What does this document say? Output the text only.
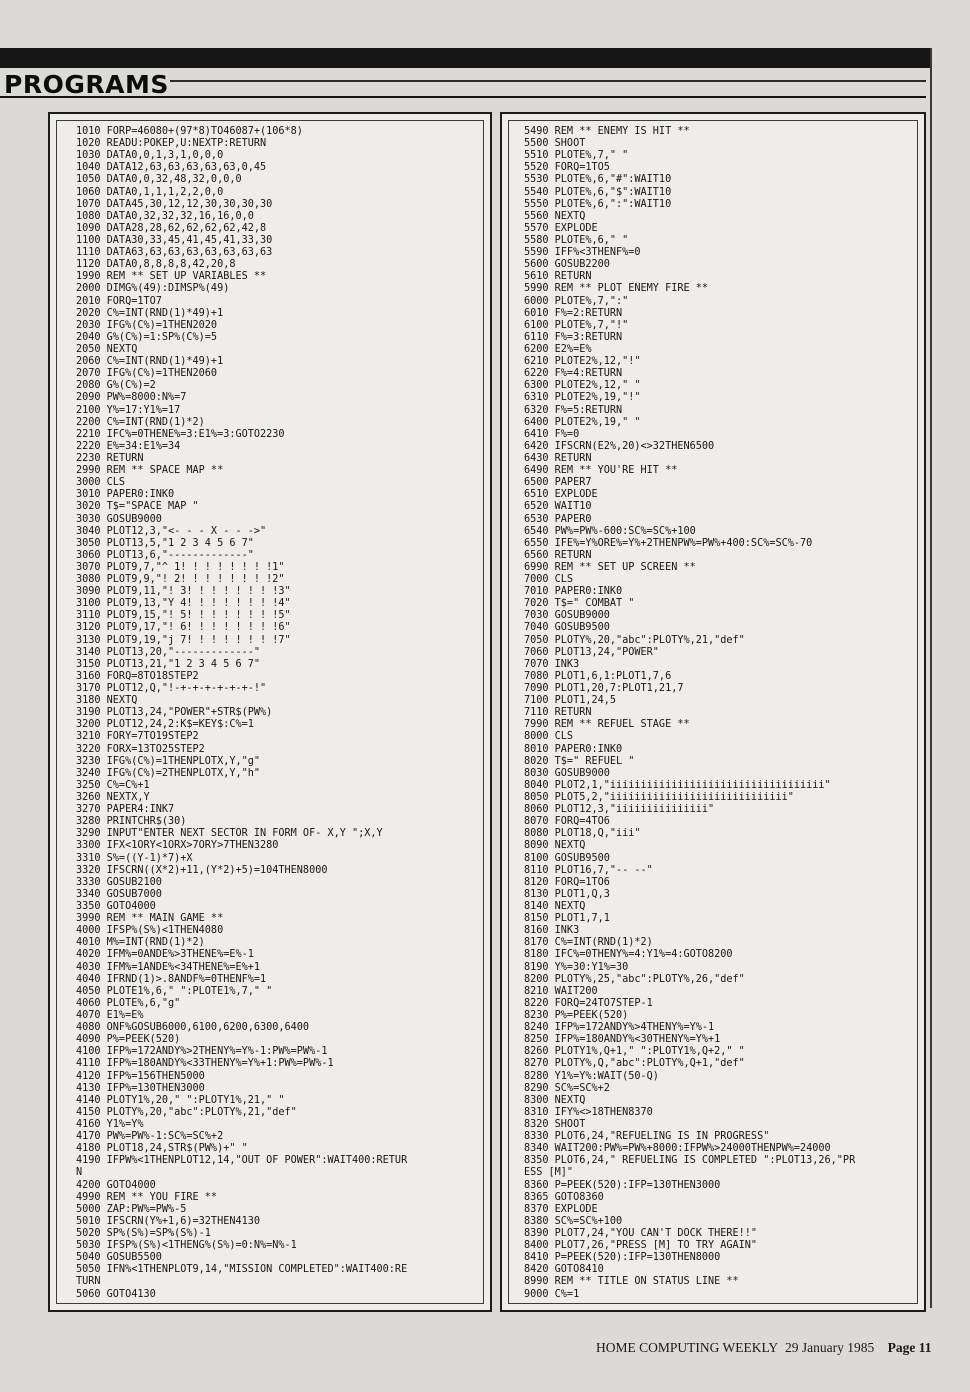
PROGRAMS
1010 FORP=46080+(97*8)TO46087+(106*8)
1020 READU:POKEP,U:NEXTP:RETURN
1030 DATA0,0,1,3,1,0,0,0
1040 DATA12,63,63,63,63,63,0,45
1050 DATA0,0,32,48,32,0,0,0
1060 DATA0,1,1,1,2,2,0,0
1070 DATA45,30,12,12,30,30,30,30
1080 DATA0,32,32,32,16,16,0,0
1090 DATA28,28,62,62,62,62,42,8
1100 DATA30,33,45,41,45,41,33,30
1110 DATA63,63,63,63,63,63,63,63
1120 DATA0,8,8,8,8,42,20,8
1990 REM ** SET UP VARIABLES **
2000 DIMG%(49):DIMSP%(49)
2010 FORQ=1TO7
2020 C%=INT(RND(1)*49)+1
2030 IFG%(C%)=1THEN2020
2040 G%(C%)=1:SP%(C%)=5
2050 NEXTQ
2060 C%=INT(RND(1)*49)+1
2070 IFG%(C%)=1THEN2060
2080 G%(C%)=2
2090 PW%=8000:N%=7
2100 Y%=17:Y1%=17
2200 C%=INT(RND(1)*2)
2210 IFC%=0THENE%=3:E1%=3:GOTO2230
2220 E%=34:E1%=34
2230 RETURN
2990 REM ** SPACE MAP **
3000 CLS
3010 PAPER0:INK0
3020 T$="SPACE MAP "
3030 GOSUB9000
3040 PLOT12,3,"<- - - X - - ->"
3050 PLOT13,5,"1 2 3 4 5 6 7"
3060 PLOT13,6,"-------------"
3070 PLOT9,7,"^ 1! ! ! ! ! ! ! !1"
3080 PLOT9,9,"! 2! ! ! ! ! ! ! !2"
3090 PLOT9,11,"! 3! ! ! ! ! ! ! !3"
3100 PLOT9,13,"Y 4! ! ! ! ! ! ! !4"
3110 PLOT9,15,"! 5! ! ! ! ! ! ! !5"
3120 PLOT9,17,"! 6! ! ! ! ! ! ! !6"
3130 PLOT9,19,"j 7! ! ! ! ! ! ! !7"
3140 PLOT13,20,"-------------"
3150 PLOT13,21,"1 2 3 4 5 6 7"
3160 FORQ=8TO18STEP2
3170 PLOT12,Q,"!-+-+-+-+-+-+-!"
3180 NEXTQ
3190 PLOT13,24,"POWER"+STR$(PW%)
3200 PLOT12,24,2:K$=KEY$:C%=1
3210 FORY=7TO19STEP2
3220 FORX=13TO25STEP2
3230 IFG%(C%)=1THENPLOTX,Y,"g"
3240 IFG%(C%)=2THENPLOTX,Y,"h"
3250 C%=C%+1
3260 NEXTX,Y
3270 PAPER4:INK7
3280 PRINTCHR$(30)
3290 INPUT"ENTER NEXT SECTOR IN FORM OF- X,Y ";X,Y
3300 IFX<1ORY<1ORX>7ORY>7THEN3280
3310 S%=((Y-1)*7)+X
3320 IFSCRN((X*2)+11,(Y*2)+5)=104THEN8000
3330 GOSUB2100
3340 GOSUB7000
3350 GOTO4000
3990 REM ** MAIN GAME **
4000 IFSP%(S%)<1THEN4080
4010 M%=INT(RND(1)*2)
4020 IFM%=0ANDE%>3THENE%=E%-1
4030 IFM%=1ANDE%<34THENE%=E%+1
4040 IFRND(1)>.8ANDF%=0THENF%=1
4050 PLOTE1%,6," ":PLOTE1%,7," "
4060 PLOTE%,6,"g"
4070 E1%=E%
4080 ONF%GOSUB6000,6100,6200,6300,6400
4090 P%=PEEK(520)
4100 IFP%=172ANDY%>2THENY%=Y%-1:PW%=PW%-1
4110 IFP%=180ANDY%<33THENY%=Y%+1:PW%=PW%-1
4120 IFP%=156THEN5000
4130 IFP%=130THEN3000
4140 PLOTY1%,20," ":PLOTY1%,21," "
4150 PLOTY%,20,"abc":PLOTY%,21,"def"
4160 Y1%=Y%
4170 PW%=PW%-1:SC%=SC%+2
4180 PLOT18,24,STR$(PW%)+" "
4190 IFPW%<1THENPLOT12,14,"OUT OF POWER":WAIT400:RETUR
N
4200 GOTO4000
4990 REM ** YOU FIRE **
5000 ZAP:PW%=PW%-5
5010 IFSCRN(Y%+1,6)=32THEN4130
5020 SP%(S%)=SP%(S%)-1
5030 IFSP%(S%)<1THENG%(S%)=0:N%=N%-1
5040 GOSUB5500
5050 IFN%<1THENPLOT9,14,"MISSION COMPLETED":WAIT400:RE
TURN
5060 GOTO4130
5490 REM ** ENEMY IS HIT **
5500 SHOOT
5510 PLOTE%,7," "
5520 FORQ=1TO5
5530 PLOTE%,6,"#":WAIT10
5540 PLOTE%,6,"$":WAIT10
5550 PLOTE%,6,":":WAIT10
5560 NEXTQ
5570 EXPLODE
5580 PLOTE%,6," "
5590 IFF%<3THENF%=0
5600 GOSUB2200
5610 RETURN
5990 REM ** PLOT ENEMY FIRE **
6000 PLOTE%,7,":"
6010 F%=2:RETURN
6100 PLOTE%,7,"!"
6110 F%=3:RETURN
6200 E2%=E%
6210 PLOTE2%,12,"!"
6220 F%=4:RETURN
6300 PLOTE2%,12," "
6310 PLOTE2%,19,"!"
6320 F%=5:RETURN
6400 PLOTE2%,19," "
6410 F%=0
6420 IFSCRN(E2%,20)<>32THEN6500
6430 RETURN
6490 REM ** YOU'RE HIT **
6500 PAPER7
6510 EXPLODE
6520 WAIT10
6530 PAPER0
6540 PW%=PW%-600:SC%=SC%+100
6550 IFE%=Y%ORE%=Y%+2THENPW%=PW%+400:SC%=SC%-70
6560 RETURN
6990 REM ** SET UP SCREEN **
7000 CLS
7010 PAPER0:INK0
7020 T$=" COMBAT "
7030 GOSUB9000
7040 GOSUB9500
7050 PLOTY%,20,"abc":PLOTY%,21,"def"
7060 PLOT13,24,"POWER"
7070 INK3
7080 PLOT1,6,1:PLOT1,7,6
7090 PLOT1,20,7:PLOT1,21,7
7100 PLOT1,24,5
7110 RETURN
7990 REM ** REFUEL STAGE **
8000 CLS
8010 PAPER0:INK0
8020 T$=" REFUEL "
8030 GOSUB9000
8040 PLOT2,1,"iiiiiiiiiiiiiiiiiiiiiiiiiiiiiiiiiii"
8050 PLOT5,2,"iiiiiiiiiiiiiiiiiiiiiiiiiiiii"
8060 PLOT12,3,"iiiiiiiiiiiiiii"
8070 FORQ=4TO6
8080 PLOT18,Q,"iii"
8090 NEXTQ
8100 GOSUB9500
8110 PLOT16,7,"-- --"
8120 FORQ=1TO6
8130 PLOT1,Q,3
8140 NEXTQ
8150 PLOT1,7,1
8160 INK3
8170 C%=INT(RND(1)*2)
8180 IFC%=0THENY%=4:Y1%=4:GOTO8200
8190 Y%=30:Y1%=30
8200 PLOTY%,25,"abc":PLOTY%,26,"def"
8210 WAIT200
8220 FORQ=24TO7STEP-1
8230 P%=PEEK(520)
8240 IFP%=172ANDY%>4THENY%=Y%-1
8250 IFP%=180ANDY%<30THENY%=Y%+1
8260 PLOTY1%,Q+1," ":PLOTY1%,Q+2," "
8270 PLOTY%,Q,"abc":PLOTY%,Q+1,"def"
8280 Y1%=Y%:WAIT(50-Q)
8290 SC%=SC%+2
8300 NEXTQ
8310 IFY%<>18THEN8370
8320 SHOOT
8330 PLOT6,24,"REFUELING IS IN PROGRESS"
8340 WAIT200:PW%=PW%+8000:IFPW%>24000THENPW%=24000
8350 PLOT6,24," REFUELING IS COMPLETED ":PLOT13,26,"PR
ESS [M]"
8360 P=PEEK(520):IFP=130THEN3000
8365 GOTO8360
8370 EXPLODE
8380 SC%=SC%+100
8390 PLOT7,24,"YOU CAN'T DOCK THERE!!"
8400 PLOT7,26,"PRESS [M] TO TRY AGAIN"
8410 P=PEEK(520):IFP=130THEN8000
8420 GOTO8410
8990 REM ** TITLE ON STATUS LINE **
9000 C%=1
HOME COMPUTING WEEKLY 29 January 1985 Page 11
